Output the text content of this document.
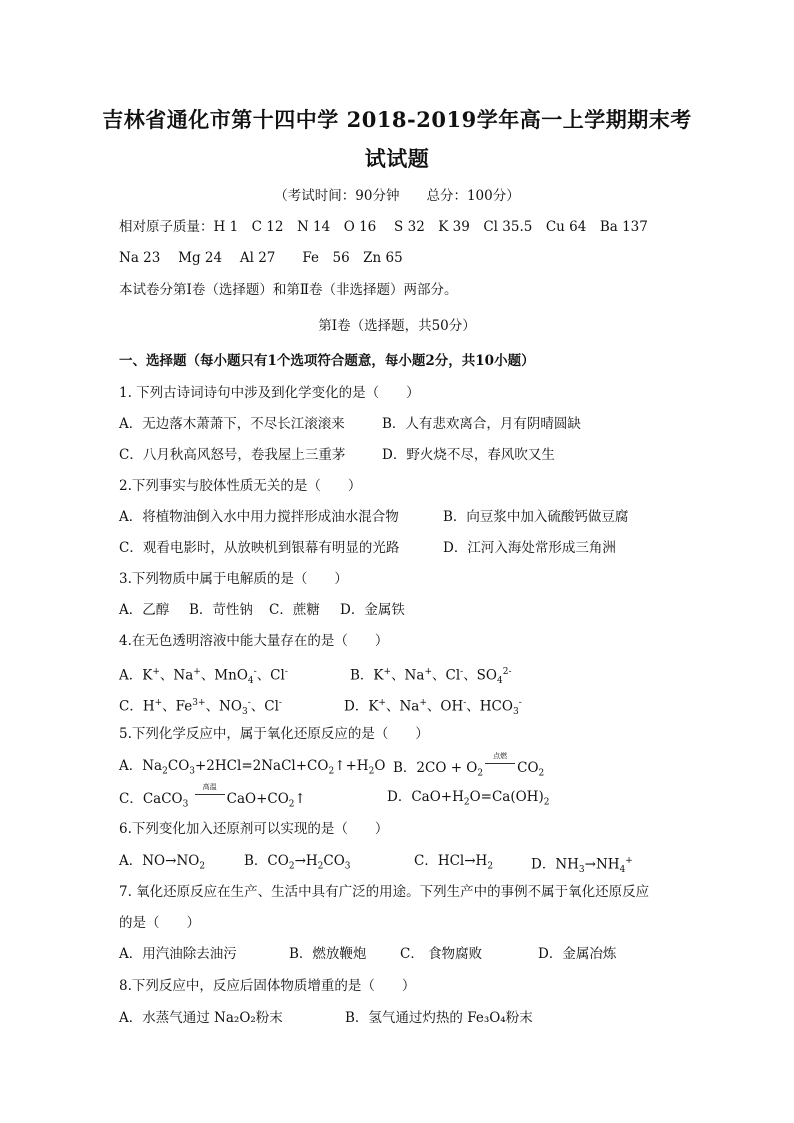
吉林省通化市第十四中学 2018-2019学年高一上学期期末考
试试题
（考试时间：90分钟　　总分：100分）
相对原子质量：H 1　C 12　N 14　O 16　 S 32　K 39　Cl 35.5　Cu 64　Ba 137
Na 23　 Mg 24　 Al 27　　Fe　56　Zn 65
本试卷分第Ⅰ卷（选择题）和第Ⅱ卷（非选择题）两部分。
第Ⅰ卷（选择题，共50分）
一、选择题（每小题只有1个选项符合题意，每小题2分，共10小题）
1. 下列古诗词诗句中涉及到化学变化的是（　　）
A．无边落木萧萧下，不尽长江滚滚来	B．人有悲欢离合，月有阴晴圆缺
C．八月秋高风怒号，卷我屋上三重茅	D．野火烧不尽，春风吹又生
2.下列事实与胶体性质无关的是（　　）
A．将植物油倒入水中用力搅拌形成油水混合物	B．向豆浆中加入硫酸钙做豆腐
C．观看电影时，从放映机到银幕有明显的光路	D．江河入海处常形成三角洲
3.下列物质中属于电解质的是（　　）
A．乙醇 B．苛性钠 C．蔗糖 D．金属铁
4.在无色透明溶液中能大量存在的是（　　）
A．K+、Na+、MnO$_4$-、Cl-	B．K+、Na+、Cl-、$SO_4^{2-}$
C．H+、$Fe^{3+}$、$NO_3^-$、Cl-	D．K+、Na+、OH-、$HCO_3^-$
5.下列化学反应中，属于氧化还原反应的是（　　）
A．$Na_2CO_3+2HCl=2NaCl+CO_2↑+H_2O$ B．$2CO + O_2$
点燃
$CO_2$
C．CaCO$_3$
高温
$CaO+CO_2↑$	D．$CaO+H_2O=Ca(OH)_2$
6.下列变化加入还原剂可以实现的是（　　）
A．$NO\to NO_2$	B．$CO_2\to H_2CO_3$	C．$HCl\to H_2$	D．$NH_3\to NH_4^+$
7. 氧化还原反应在生产、生活中具有广泛的用途。下列生产中的事例不属于氧化还原反应
的是（　　）
A．用汽油除去油污	B．燃放鞭炮 C． 食物腐败	D．金属冶炼
8.下列反应中，反应后固体物质增重的是（　　）
A．水蒸气通过 Na₂O₂粉末	B．氢气通过灼热的 Fe₃O₄粉末
